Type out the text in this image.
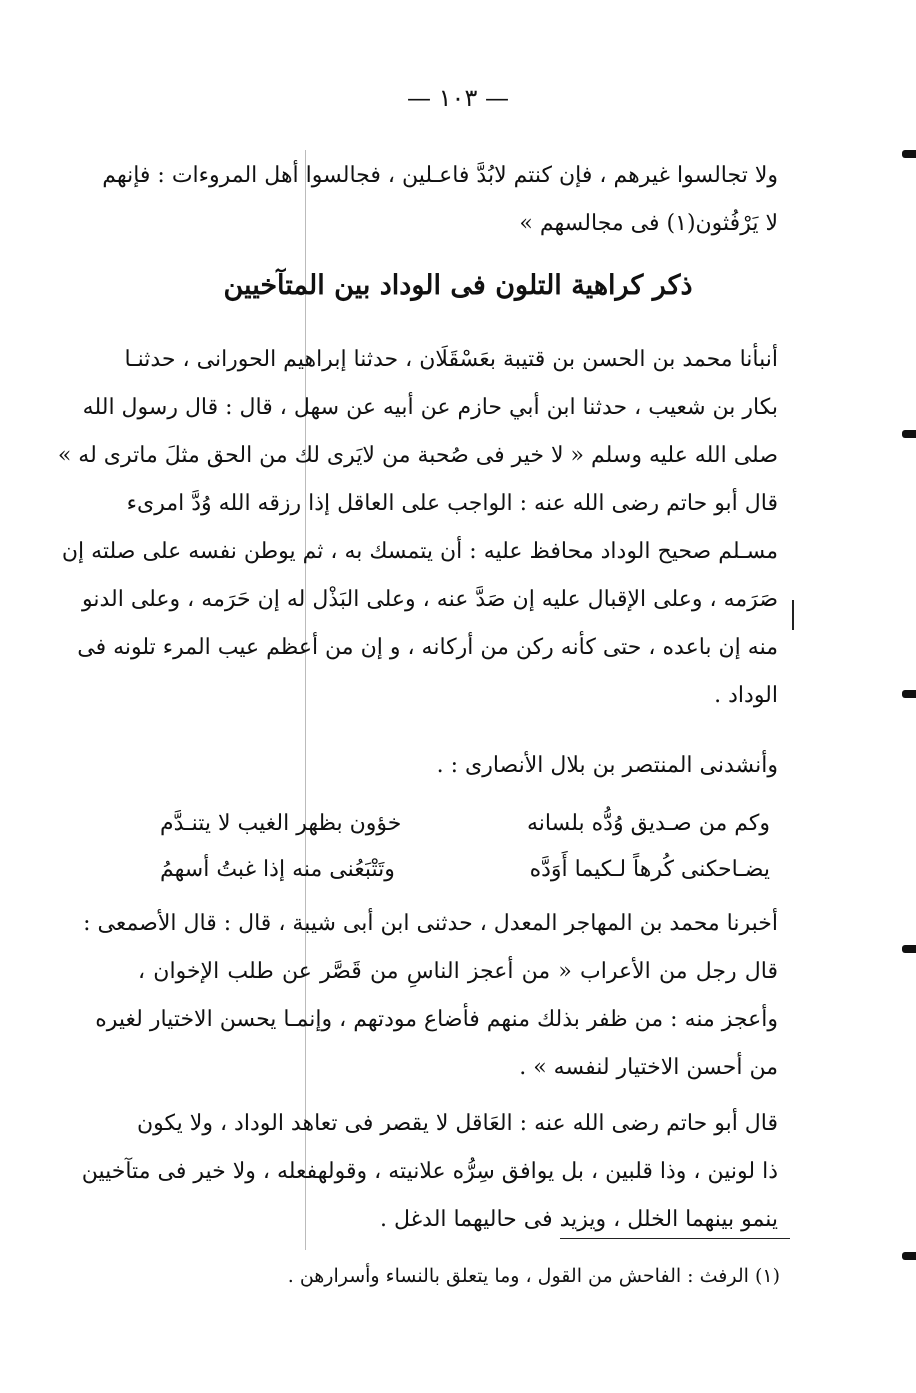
— ١٠٣ —
ولا تجالسوا غيرهم ، فإن كنتم لابُدَّ فاعـلين ، فجالسوا أهل المروءات : فإنهم
لا يَرْفُثون(١) فى مجالسهم »
ذكر كراهية التلون فى الوداد بين المتآخيين
أنبأنا محمد بن الحسن بن قتيبة بعَسْقَلَان ، حدثنا إبراهيم الحورانى ، حدثنـا
بكار بن شعيب ، حدثنا ابن أبي حازم عن أبيه عن سهل ، قال : قال رسول الله
صلى الله عليه وسلم « لا خير فى صُحبة من لايَرى لك من الحق مثلَ ماترى له »
قال أبو حاتم رضى الله عنه : الواجب على العاقل إذا رزقه الله وُدَّ امرىء
مسـلم صحيح الوداد محافظ عليه : أن يتمسك به ، ثم يوطن نفسه على صلته إن
صَرَمه ، وعلى الإقبال عليه إن صَدَّ عنه ، وعلى البَذْل له إن حَرَمه ، وعلى الدنو
منه إن باعده ، حتى كأنه ركن من أركانه ، و إن من أعظم عيب المرء تلونه فى
الوداد .
وأنشدنى المنتصر بن بلال الأنصارى : .
وكم من صـديق وُدُّه بلسانه
خؤون بظهر الغيب لا يتنـدَّم
يضـاحكنى كُرهاً لـكيما أَوَدَّه
وتَتْبَعُنى منه إذا غبتُ أسهمُ
أخبرنا محمد بن المهاجر المعدل ، حدثنى ابن أبى شيبة ، قال : قال الأصمعى :
قال رجل من الأعراب « من أعجز الناسِ من قَصَّر عن طلب الإخوان ،
وأعجز منه : من ظفر بذلك منهم فأضاع مودتهم ، وإنمـا يحسن الاختيار لغيره
من أحسن الاختيار لنفسه » .
قال أبو حاتم رضى الله عنه : العَاقل لا يقصر فى تعاهد الوداد ، ولا يكون
ذا لونين ، وذا قلبين ، بل يوافق سِرُّه علانيته ، وقولهفعله ، ولا خير فى متآخيين
ينمو بينهما الخلل ، ويزيد فى حاليهما الدغل .
(١) الرفث : الفاحش من القول ، وما يتعلق بالنساء وأسرارهن .
